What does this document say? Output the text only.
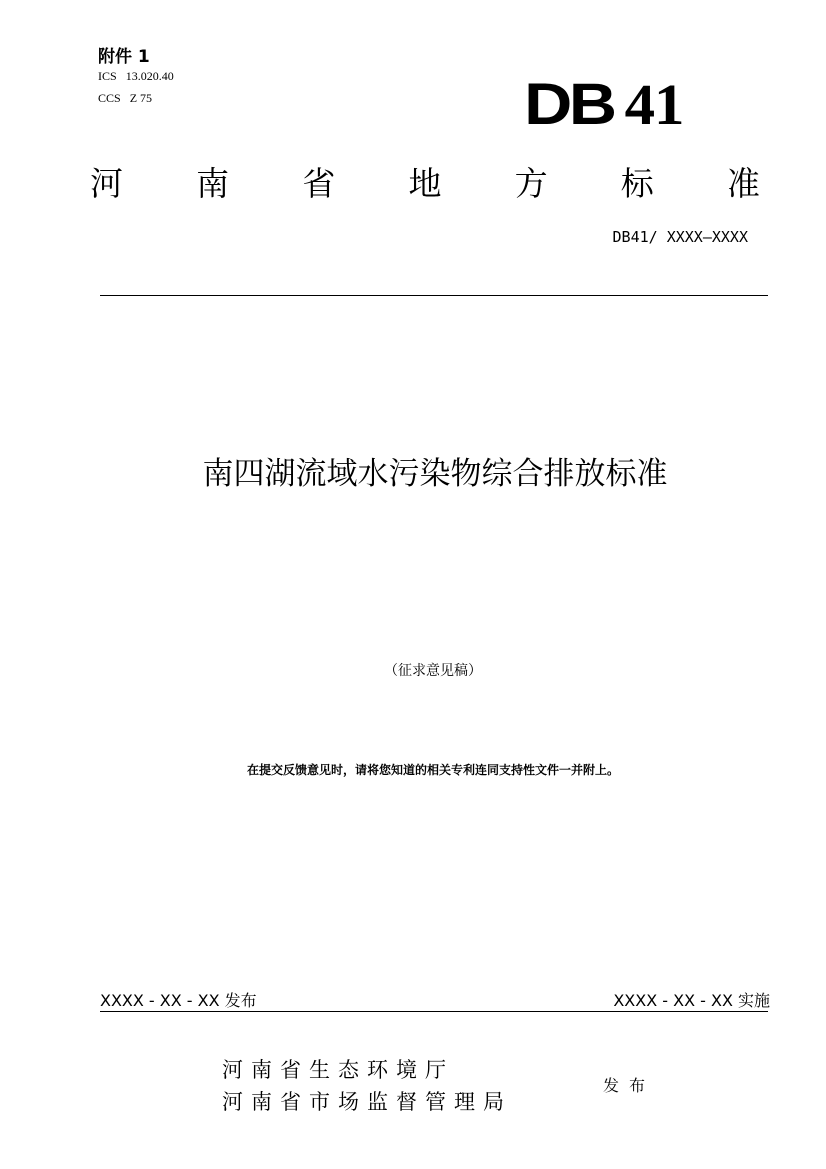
附件 1
ICS 13.020.40
CCS Z 75	DB 41
河 南 省 地 方 标 准
DB41/ XXXX—XXXX
南四湖流域水污染物综合排放标准
（征求意见稿）
在提交反馈意见时，请将您知道的相关专利连同支持性文件一并附上。
XXXX - XX - XX 发布	XXXX - XX - XX 实施
河南省生态环境厅
河南省市场监督管理局
发布
